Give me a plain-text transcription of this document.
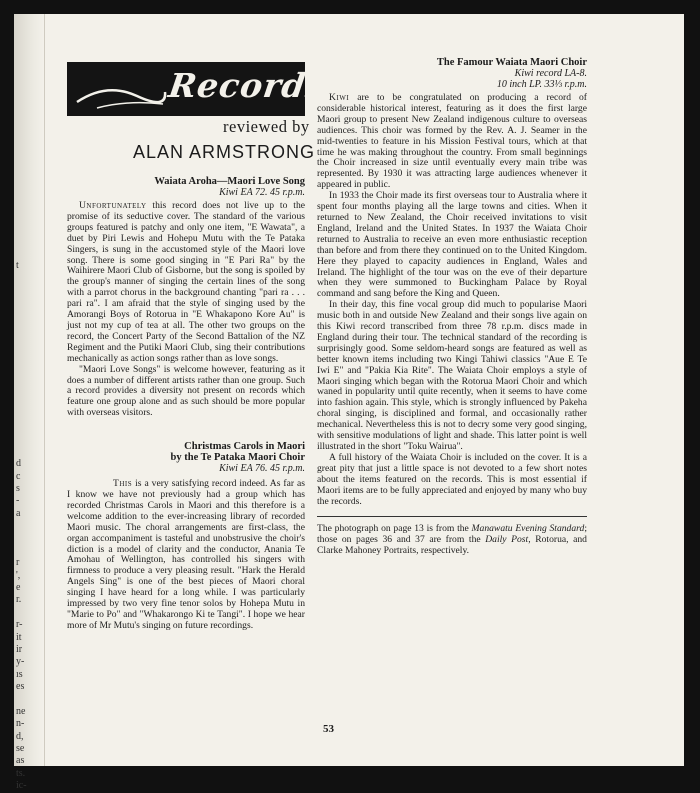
t
d
c
s
-
a
r
',
e
r.
r-
it
ir
y-
ıs
es
ne
n-
d,
se
as
ts.
ic-
Records
reviewed by
ALAN ARMSTRONG

Waiata Aroha—Maori Love Song

Kiwi EA 72. 45 r.p.m.

Unfortunately this record does not live up to the promise of its seductive cover. The standard of the various groups featured is patchy and only one item, "E Wawata", a duet by Piri Lewis and Hohepu Mutu with the Te Pataka Singers, is sung in the accustomed style of the Maori love song. There is some good singing in "E Pari Ra" by the Waihirere Maori Club of Gisborne, but the song is spoiled by the group's manner of singing the certain lines of the song with a parrot chorus in the background chanting "pari ra . . . pari ra". I am afraid that the style of singing used by the Amorangi Boys of Rotorua in "E Whakapono Kore Au" is just not my cup of tea at all. The other two groups on the record, the Concert Party of the Second Battalion of the NZ Regiment and the Putiki Maori Club, sing their contributions mechanically as action songs rather than as love songs.

"Maori Love Songs" is welcome however, featuring as it does a number of different artists rather than one group. Such a record provides a diversity not present on records which feature one group alone and as such should be more popular with overseas visitors.

Christmas Carols in Maori

by the Te Pataka Maori Choir

Kiwi EA 76. 45 r.p.m.

This is a very satisfying record indeed. As far as I know we have not previously had a group which has recorded Christmas Carols in Maori and this therefore is a welcome addition to the ever-increasing library of recorded Maori music. The choral arrangements are first-class, the organ accompaniment is tasteful and unobstrusive the choir's diction is a model of clarity and the conductor, Anania Te Amohau of Wellington, has controlled his singers with firmness to produce a very pleasing result. "Hark the Herald Angels Sing" is one of the best pieces of Maori choral singing I have heard for a long while. I was particularly impressed by two very fine tenor solos by Hohepa Mutu in "Marie to Po" and "Whakarongo Ki te Tangi". I hope we hear more of Mr Mutu's singing on future recordings.

The Famour Waiata Maori Choir

Kiwi record LA-8.

10 inch LP. 33⅓ r.p.m.

Kiwi are to be congratulated on producing a record of considerable historical interest, featuring as it does the first large Maori group to present New Zealand indigenous culture to overseas audiences. This choir was formed by the Rev. A. J. Seamer in the mid-twenties to feature in his Mission Festival tours, which at that time he was making throughout the country. From small beginnings the Choir increased in size until eventually every main tribe was represented. By 1930 it was attracting large audiences whenever it appeared in public.

In 1933 the Choir made its first overseas tour to Australia where it spent four months playing all the large towns and cities. When it returned to New Zealand, the Choir received invitations to visit England, Ireland and the United States. In 1937 the Waiata Choir returned to Australia to receive an even more enthusiastic reception than before and from there they continued on to the United Kingdom. Here they played to capacity audiences in England, Wales and Ireland. The highlight of the tour was on the eve of their departure when they were summoned to Buckingham Palace by Royal command and sang before the King and Queen.

In their day, this fine vocal group did much to popularise Maori music both in and outside New Zealand and their songs live again on this Kiwi record transcribed from three 78 r.p.m. discs made in England during their tour. The technical standard of the recording is surprisingly good. Some seldom-heard songs are featured as well as better known items including two Kingi Tahiwi classics "Aue E Te Iwi E" and "Pakia Kia Rite". The Waiata Choir employs a style of Maori singing which began with the Rotorua Maori Choir and which waned in popularity until quite recently, when it seems to have come into fashion again. This style, which is strongly influenced by Pakeha choral singing, is disciplined and formal, and occasionally rather mechanical. Nevertheless this is not to decry some very good singing, with sensitive modulations of light and shade. This latter point is well illustrated in the short "Toku Wairua".

A full history of the Waiata Choir is included on the cover. It is a great pity that just a little space is not devoted to a few short notes about the items featured on the records. This is most essential if Maori items are to be fully appreciated and enjoyed by many who buy the records.

The photograph on page 13 is from the Manawatu Evening Standard; those on pages 36 and 37 are from the Daily Post, Rotorua, and Clarke Mahoney Portraits, respectively.

53
